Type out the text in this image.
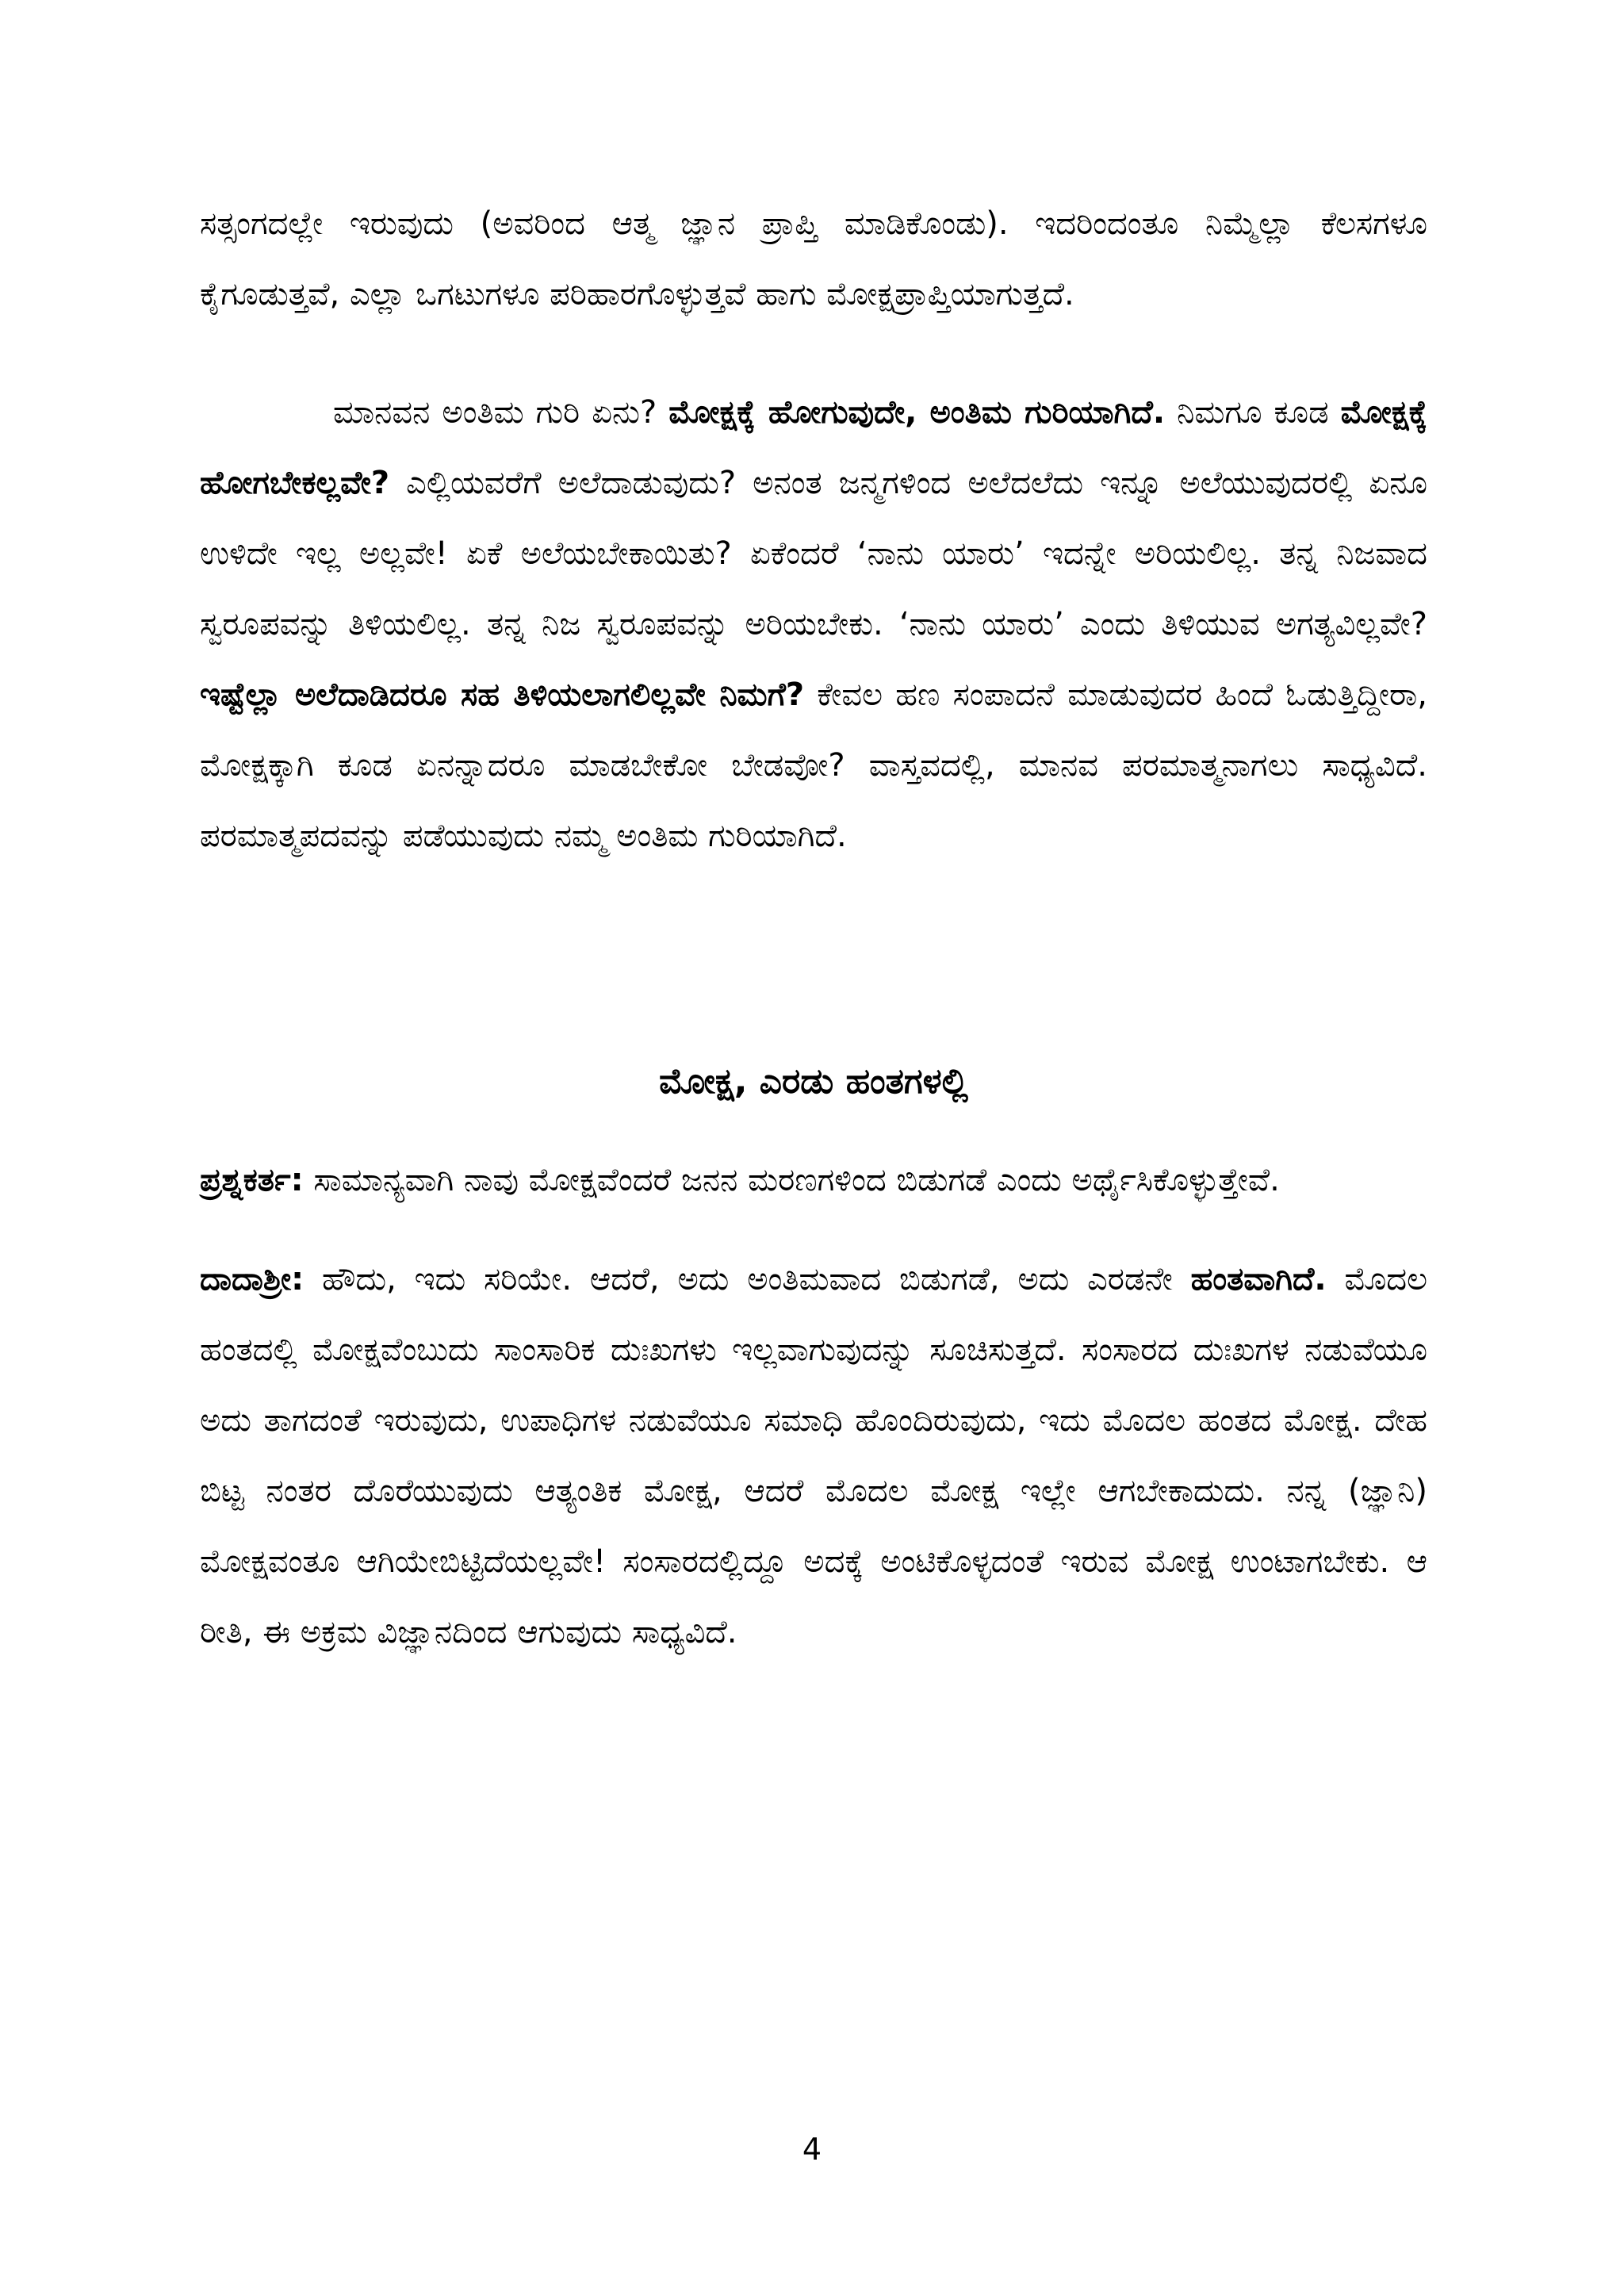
ಸತ್ಸಂಗದಲ್ಲೇ ಇರುವುದು (ಅವರಿಂದ ಆತ್ಮ ಜ್ಞಾನ ಪ್ರಾಪ್ತಿ ಮಾಡಿಕೊಂಡು). ಇದರಿಂದಂತೂ ನಿಮ್ಮೆಲ್ಲಾ ಕೆಲಸಗಳೂ ಕೈಗೂಡುತ್ತವೆ, ಎಲ್ಲಾ ಒಗಟುಗಳೂ ಪರಿಹಾರಗೊಳ್ಳುತ್ತವೆ ಹಾಗು ಮೋಕ್ಷಪ್ರಾಪ್ತಿಯಾಗುತ್ತದೆ.

ಮಾನವನ ಅಂತಿಮ ಗುರಿ ಏನು? ಮೋಕ್ಷಕ್ಕೆ ಹೋಗುವುದೇ, ಅಂತಿಮ ಗುರಿಯಾಗಿದೆ. ನಿಮಗೂ ಕೂಡ ಮೋಕ್ಷಕ್ಕೆ ಹೋಗಬೇಕಲ್ಲವೇ? ಎಲ್ಲಿಯವರೆಗೆ ಅಲೆದಾಡುವುದು? ಅನಂತ ಜನ್ಮಗಳಿಂದ ಅಲೆದಲೆದು ಇನ್ನೂ ಅಲೆಯುವುದರಲ್ಲಿ ಏನೂ ಉಳಿದೇ ಇಲ್ಲ ಅಲ್ಲವೇ! ಏಕೆ ಅಲೆಯಬೇಕಾಯಿತು? ಏಕೆಂದರೆ ‘ನಾನು ಯಾರು’ ಇದನ್ನೇ ಅರಿಯಲಿಲ್ಲ. ತನ್ನ ನಿಜವಾದ ಸ್ವರೂಪವನ್ನು ತಿಳಿಯಲಿಲ್ಲ. ತನ್ನ ನಿಜ ಸ್ವರೂಪವನ್ನು ಅರಿಯಬೇಕು. ‘ನಾನು ಯಾರು’ ಎಂದು ತಿಳಿಯುವ ಅಗತ್ಯವಿಲ್ಲವೇ? ಇಷ್ಟೆಲ್ಲಾ ಅಲೆದಾಡಿದರೂ ಸಹ ತಿಳಿಯಲಾಗಲಿಲ್ಲವೇ ನಿಮಗೆ? ಕೇವಲ ಹಣ ಸಂಪಾದನೆ ಮಾಡುವುದರ ಹಿಂದೆ ಓಡುತ್ತಿದ್ದೀರಾ, ಮೋಕ್ಷಕ್ಕಾಗಿ ಕೂಡ ಏನನ್ನಾದರೂ ಮಾಡಬೇಕೋ ಬೇಡವೋ? ವಾಸ್ತವದಲ್ಲಿ, ಮಾನವ ಪರಮಾತ್ಮನಾಗಲು ಸಾಧ್ಯವಿದೆ. ಪರಮಾತ್ಮಪದವನ್ನು ಪಡೆಯುವುದು ನಮ್ಮ ಅಂತಿಮ ಗುರಿಯಾಗಿದೆ.

ಮೋಕ್ಷ, ಎರಡು ಹಂತಗಳಲ್ಲಿ

ಪ್ರಶ್ನಕರ್ತ: ಸಾಮಾನ್ಯವಾಗಿ ನಾವು ಮೋಕ್ಷವೆಂದರೆ ಜನನ ಮರಣಗಳಿಂದ ಬಿಡುಗಡೆ ಎಂದು ಅರ್ಥೈಸಿಕೊಳ್ಳುತ್ತೇವೆ.

ದಾದಾಶ್ರೀ: ಹೌದು, ಇದು ಸರಿಯೇ. ಆದರೆ, ಅದು ಅಂತಿಮವಾದ ಬಿಡುಗಡೆ, ಅದು ಎರಡನೇ ಹಂತವಾಗಿದೆ. ಮೊದಲ ಹಂತದಲ್ಲಿ ಮೋಕ್ಷವೆಂಬುದು ಸಾಂಸಾರಿಕ ದುಃಖಗಳು ಇಲ್ಲವಾಗುವುದನ್ನು ಸೂಚಿಸುತ್ತದೆ. ಸಂಸಾರದ ದುಃಖಗಳ ನಡುವೆಯೂ ಅದು ತಾಗದಂತೆ ಇರುವುದು, ಉಪಾಧಿಗಳ ನಡುವೆಯೂ ಸಮಾಧಿ ಹೊಂದಿರುವುದು, ಇದು ಮೊದಲ ಹಂತದ ಮೋಕ್ಷ. ದೇಹ ಬಿಟ್ಟ ನಂತರ ದೊರೆಯುವುದು ಆತ್ಯಂತಿಕ ಮೋಕ್ಷ, ಆದರೆ ಮೊದಲ ಮೋಕ್ಷ ಇಲ್ಲೇ ಆಗಬೇಕಾದುದು. ನನ್ನ (ಜ್ಞಾನಿ) ಮೋಕ್ಷವಂತೂ ಆಗಿಯೇಬಿಟ್ಟಿದೆಯಲ್ಲವೇ! ಸಂಸಾರದಲ್ಲಿದ್ದೂ ಅದಕ್ಕೆ ಅಂಟಿಕೊಳ್ಳದಂತೆ ಇರುವ ಮೋಕ್ಷ ಉಂಟಾಗಬೇಕು. ಆ ರೀತಿ, ಈ ಅಕ್ರಮ ವಿಜ್ಞಾನದಿಂದ ಆಗುವುದು ಸಾಧ್ಯವಿದೆ.

4
